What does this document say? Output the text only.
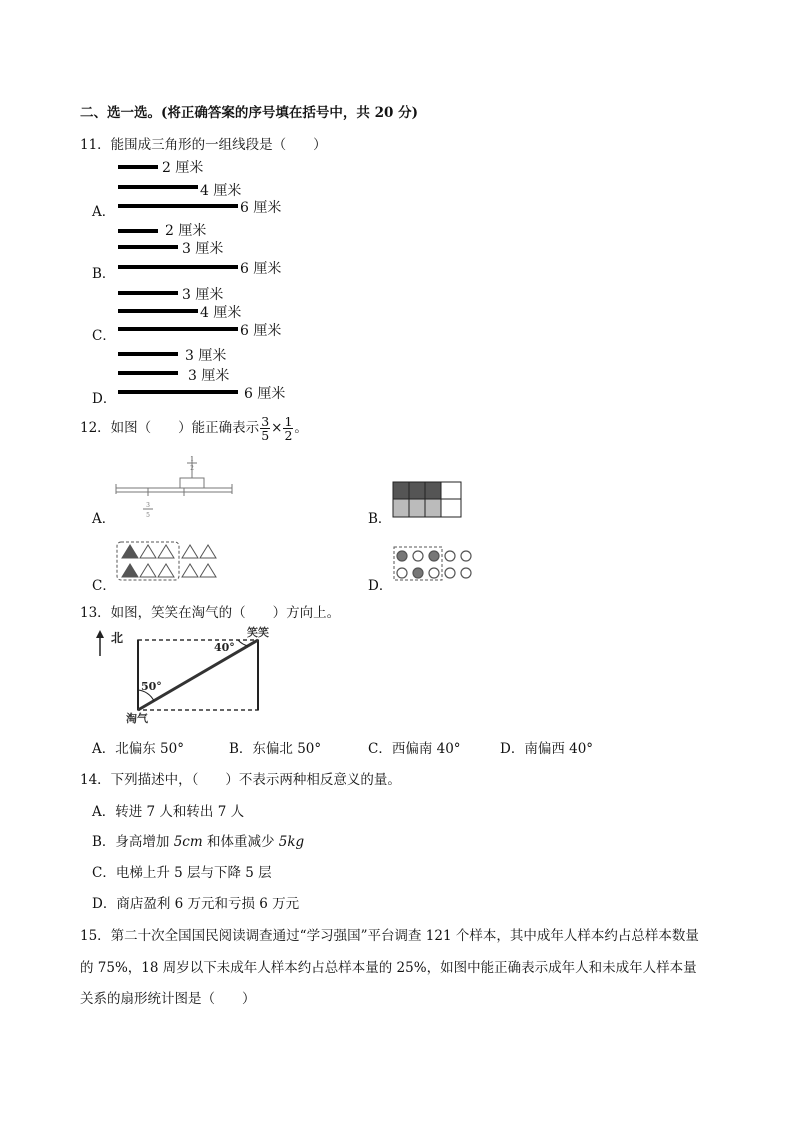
二、选一选。(将正确答案的序号填在括号中，共 20 分)
11．能围成三角形的一组线段是（　　）
A．
2 厘米
4 厘米
6 厘米
B．
2 厘米
3 厘米
6 厘米
C．
3 厘米
4 厘米
6 厘米
D．
3 厘米
3 厘米
6 厘米
12．如图（　　）能正确表示 $\frac{3}{5} \times \frac{1}{2}$ 。
A．
1
2
3
5	B．
C．	D．
13．如图，笑笑在淘气的（　　）方向上。
北
50°
40°
笑笑
淘气
A．北偏东 50°	B．东偏北 50°	C．西偏南 40°	D．南偏西 40°
14．下列描述中，（　　）不表示两种相反意义的量。
A．转进 7 人和转出 7 人
B．身高增加 5cm 和体重减少 5kg
C．电梯上升 5 层与下降 5 层
D．商店盈利 6 万元和亏损 6 万元
15．第二十次全国国民阅读调查通过“学习强国”平台调查 121 个样本，其中成年人样本约占总样本数量
的 75%，18 周岁以下未成年人样本约占总样本量的 25%，如图中能正确表示成年人和未成年人样本量
关系的扇形统计图是（　　）
